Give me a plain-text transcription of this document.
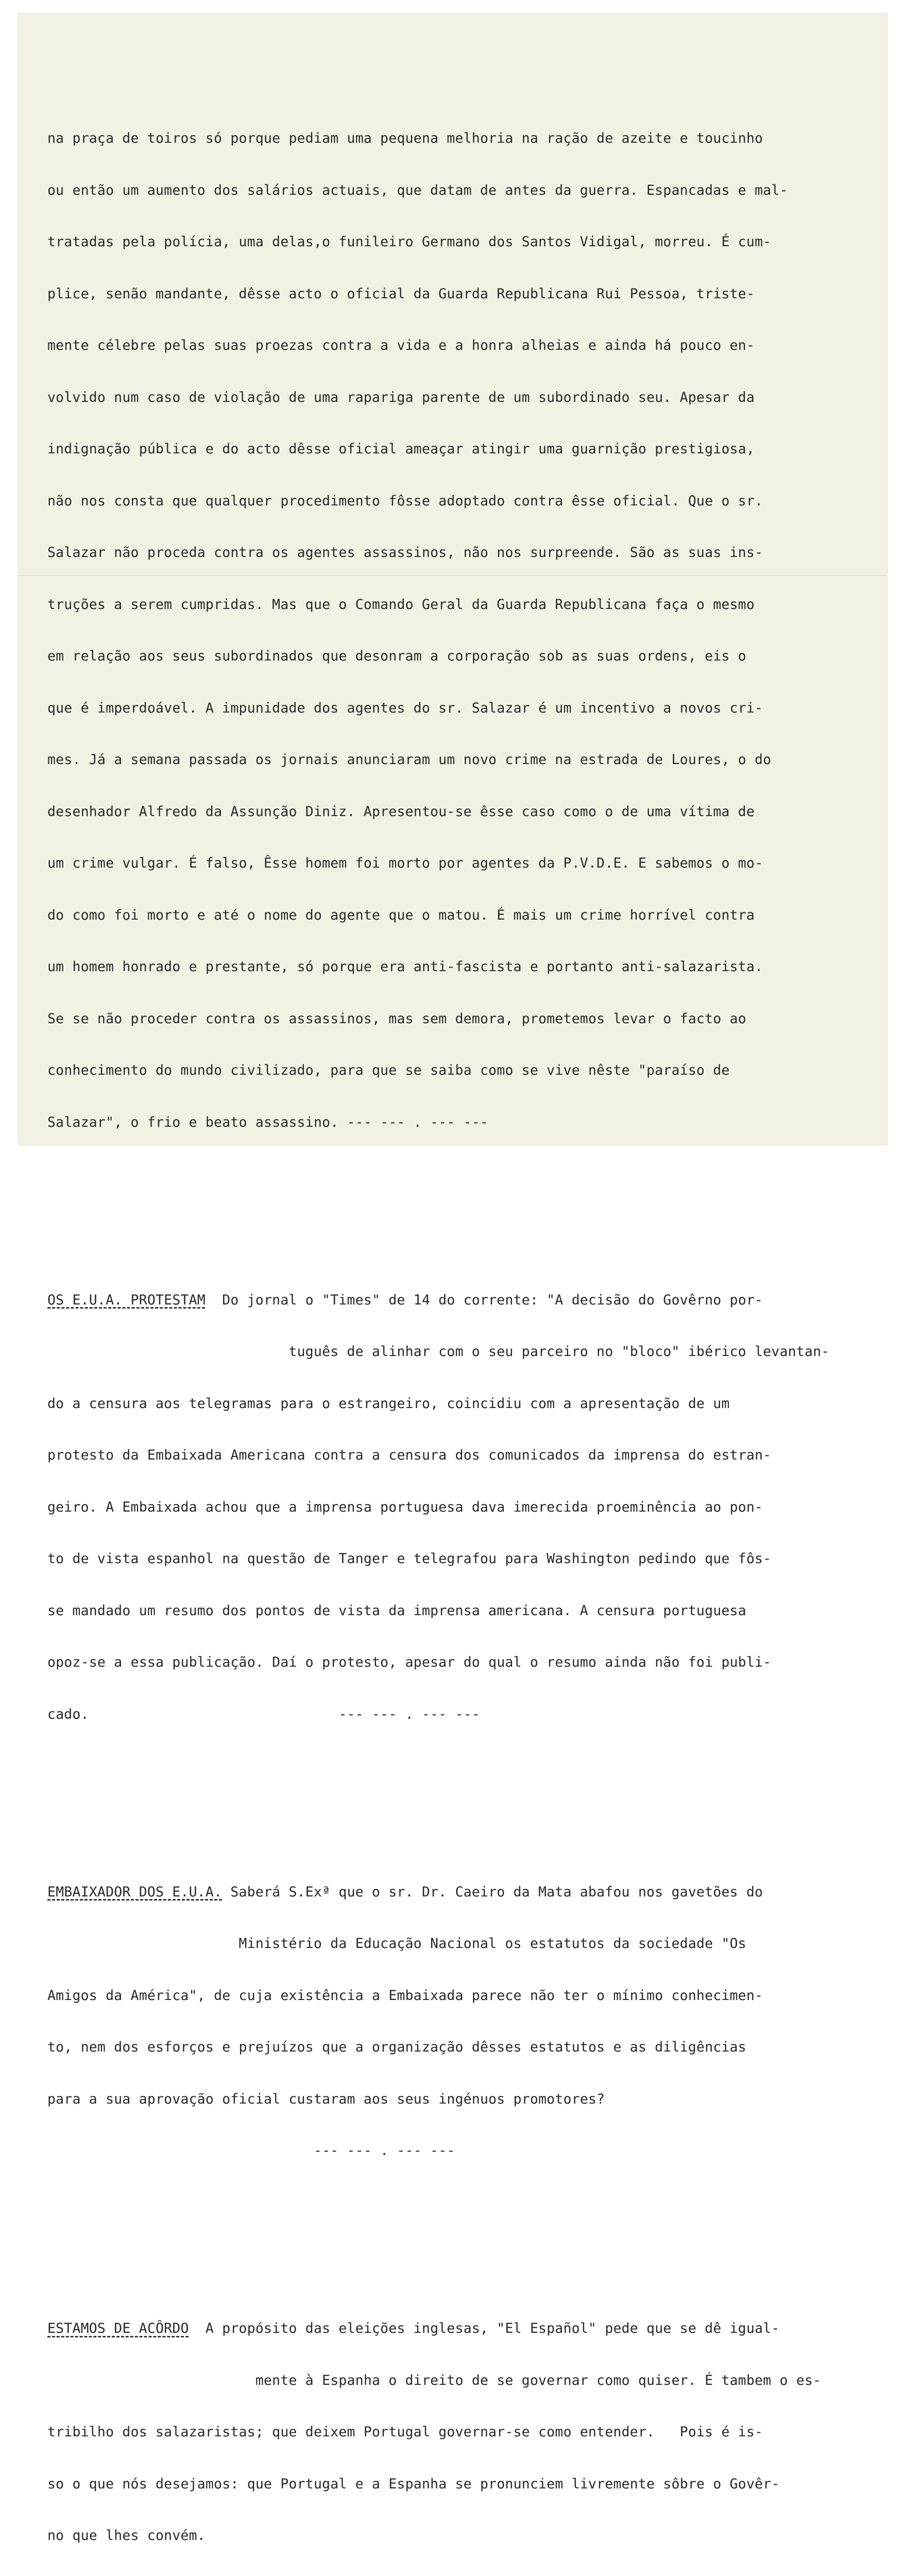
na praça de toiros só porque pediam uma pequena melhoria na ração de azeite e toucinho

ou então um aumento dos salários actuais, que datam de antes da guerra. Espancadas e mal-

tratadas pela polícia, uma delas,o funileiro Germano dos Santos Vidigal, morreu. É cum-

plice, senão mandante, dêsse acto o oficial da Guarda Republicana Rui Pessoa, triste-

mente célebre pelas suas proezas contra a vida e a honra alheias e ainda há pouco en-

volvido num caso de violação de uma rapariga parente de um subordinado seu. Apesar da

indignação pública e do acto dêsse oficial ameaçar atingir uma guarnição prestigiosa,

não nos consta que qualquer procedimento fôsse adoptado contra êsse oficial. Que o sr.

Salazar não proceda contra os agentes assassinos, não nos surpreende. São as suas ins-

truções a serem cumpridas. Mas que o Comando Geral da Guarda Republicana faça o mesmo

em relação aos seus subordinados que desonram a corporação sob as suas ordens, eis o

que é imperdoável. A impunidade dos agentes do sr. Salazar é um incentivo a novos cri-

mes. Já a semana passada os jornais anunciaram um novo crime na estrada de Loures, o do

desenhador Alfredo da Assunção Diniz. Apresentou-se êsse caso como o de uma vítima de

um crime vulgar. É falso, Êsse homem foi morto por agentes da P.V.D.E. E sabemos o mo-

do como foi morto e até o nome do agente que o matou. É mais um crime horrível contra

um homem honrado e prestante, só porque era anti-fascista e portanto anti-salazarista.

Se se não proceder contra os assassinos, mas sem demora, prometemos levar o facto ao

conhecimento do mundo civilizado, para que se saiba como se vive nêste "paraíso de

Salazar", o frio e beato assassino. --- --- . --- ---

OS E.U.A. PROTESTAM  Do jornal o "Times" de 14 do corrente: "A decisão do Govêrno por-

tuguês de alinhar com o seu parceiro no "bloco" ibérico levantan-

do a censura aos telegramas para o estrangeiro, coincidiu com a apresentação de um

protesto da Embaixada Americana contra a censura dos comunicados da imprensa do estran-

geiro. A Embaixada achou que a imprensa portuguesa dava imerecida proeminência ao pon-

to de vista espanhol na questão de Tanger e telegrafou para Washington pedindo que fôs-

se mandado um resumo dos pontos de vista da imprensa americana. A censura portuguesa

opoz-se a essa publicação. Daí o protesto, apesar do qual o resumo ainda não foi publi-

cado.                              --- --- . --- ---

EMBAIXADOR DOS E.U.A. Saberá S.Exª que o sr. Dr. Caeiro da Mata abafou nos gavetões do

Ministério da Educação Nacional os estatutos da sociedade "Os

Amigos da América", de cuja existência a Embaixada parece não ter o mínimo conhecimen-

to, nem dos esforços e prejuízos que a organização dêsses estatutos e as diligências

para a sua aprovação oficial custaram aos seus ingénuos promotores?

--- --- . --- ---

ESTAMOS DE ACÔRDO  A propósito das eleições inglesas, "El Español" pede que se dê igual-

mente à Espanha o direito de se governar como quiser. É tambem o es-

tribilho dos salazaristas; que deixem Portugal governar-se como entender.   Pois é is-

so o que nós desejamos: que Portugal e a Espanha se pronunciem livremente sôbre o Govêr-

no que lhes convém.
